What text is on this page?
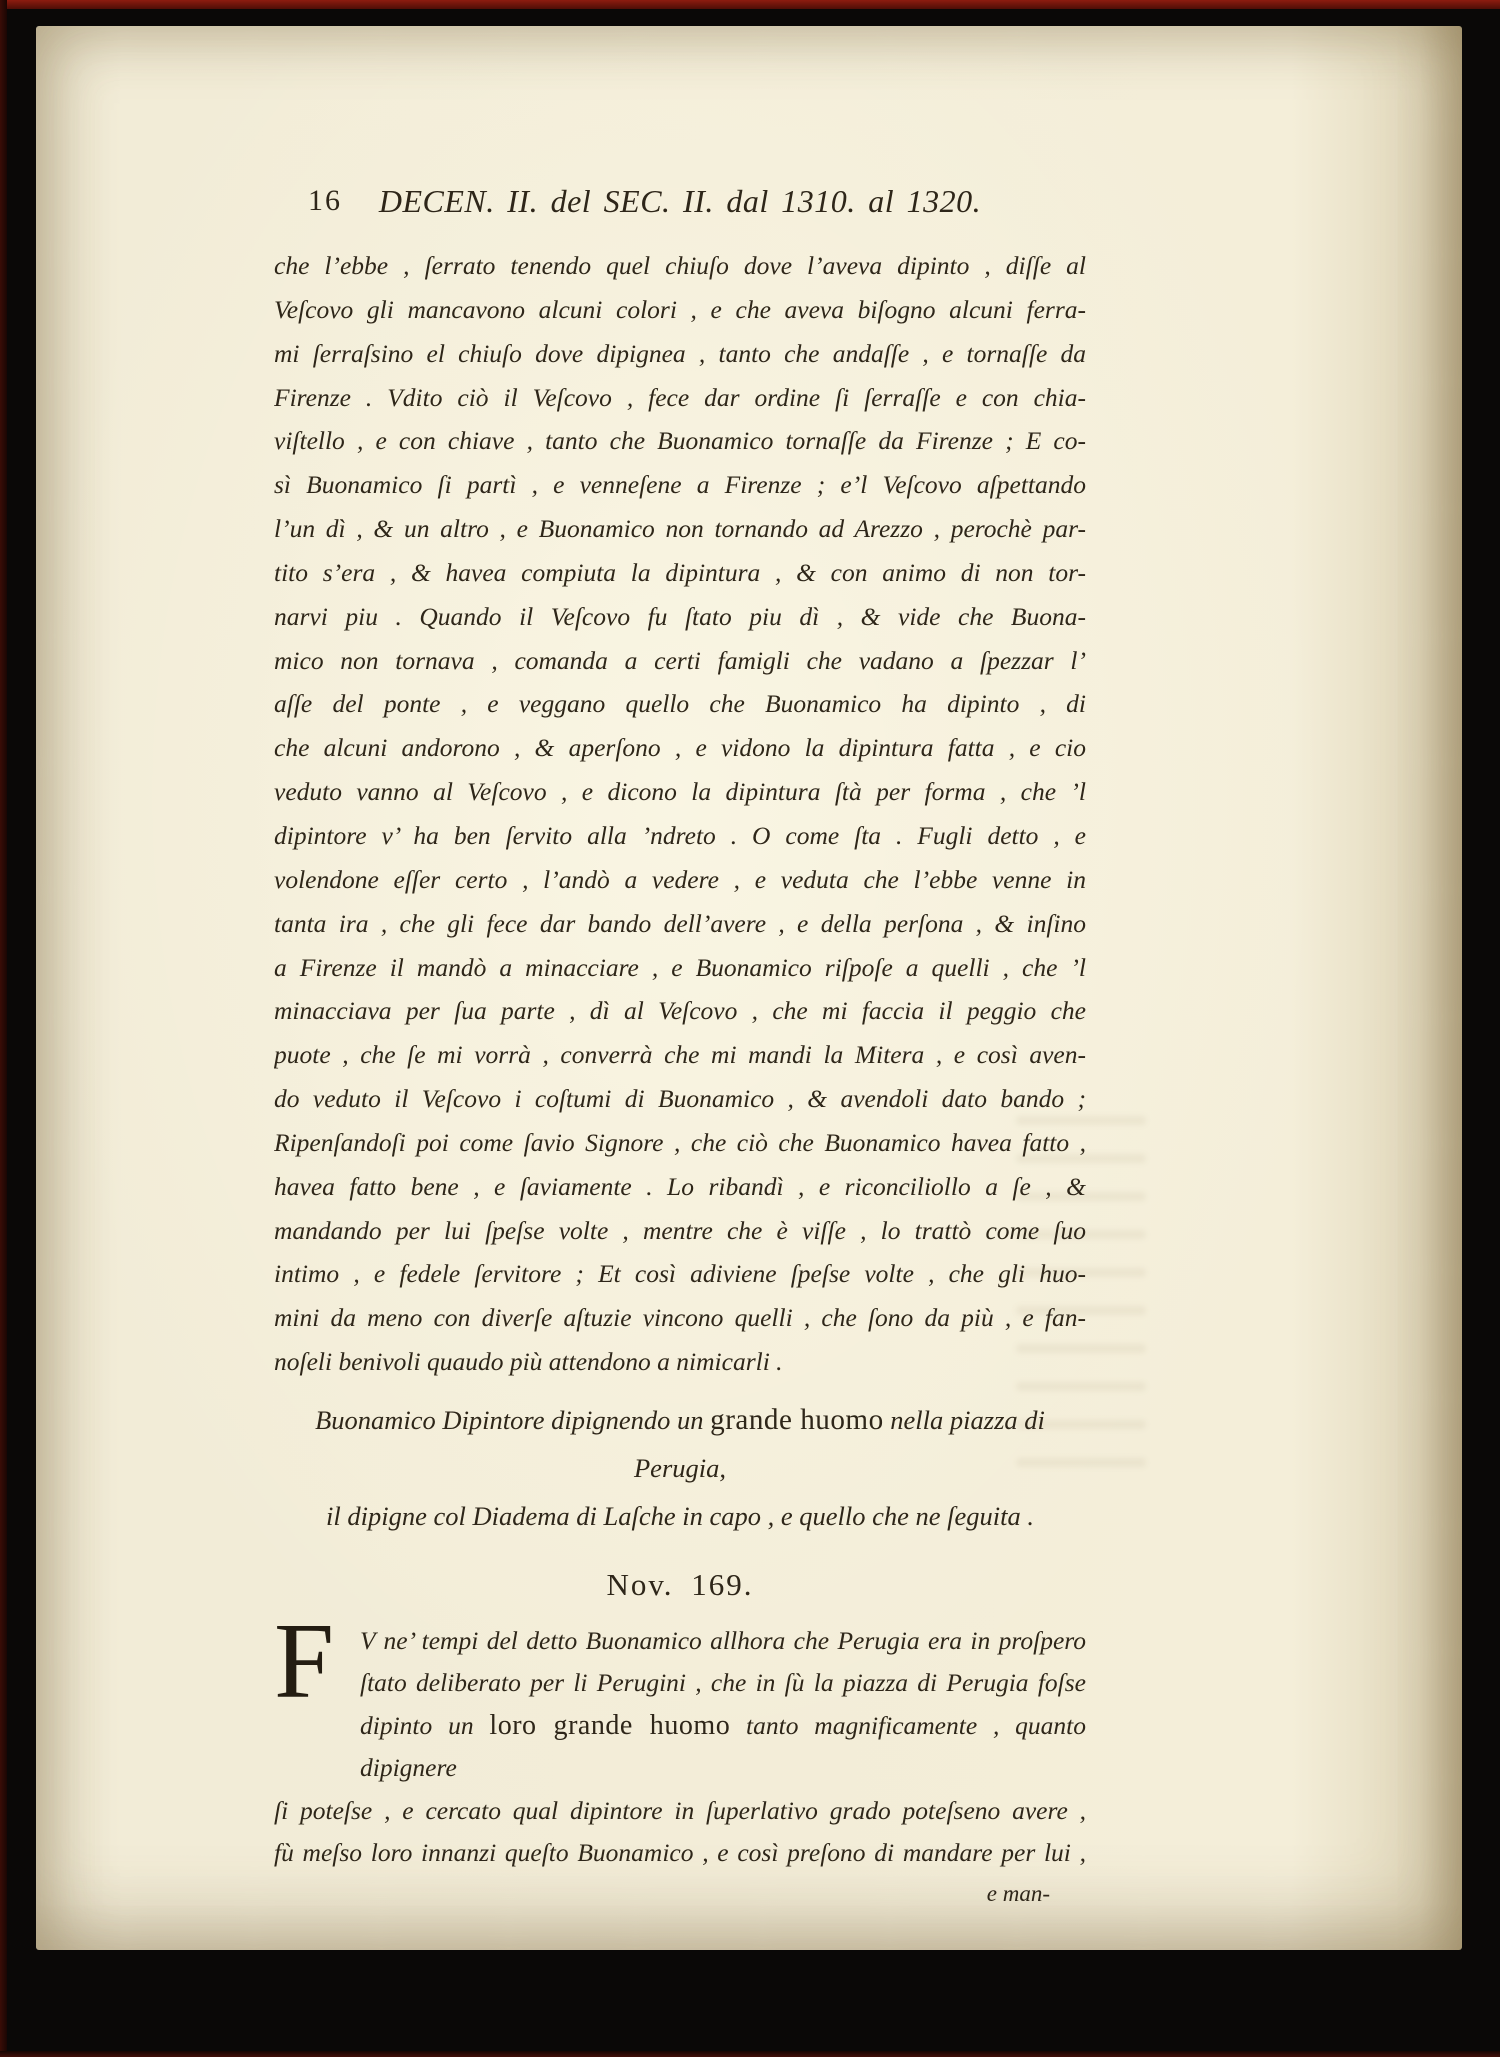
16	DECEN. II. del SEC. II. dal 1310. al 1320.
che l’ebbe , ſerrato tenendo quel chiuſo dove l’aveva dipinto , diſſe al
Veſcovo gli mancavono alcuni colori , e che aveva biſogno alcuni ferra-
mi ſerraſsino el chiuſo dove dipignea , tanto che andaſſe , e tornaſſe da
Firenze . Vdito ciò il Veſcovo , fece dar ordine ſi ſerraſſe e con chia-
viſtello , e con chiave , tanto che Buonamico tornaſſe da Firenze ; E co-
sì Buonamico ſi partì , e venneſene a Firenze ; e’l Veſcovo aſpettando
l’un dì , & un altro , e Buonamico non tornando ad Arezzo , perochè par-
tito s’era , & havea compiuta la dipintura , & con animo di non tor-
narvi piu . Quando il Veſcovo fu ſtato piu dì , & vide che Buona-
mico non tornava , comanda a certi famigli che vadano a ſpezzar l’
aſſe del ponte , e veggano quello che Buonamico ha dipinto , di
che alcuni andorono , & aperſono , e vidono la dipintura fatta , e cio
veduto vanno al Veſcovo , e dicono la dipintura ſtà per forma , che ’l
dipintore v’ ha ben ſervito alla ’ndreto . O come ſta . Fugli detto , e
volendone eſſer certo , l’andò a vedere , e veduta che l’ebbe venne in
tanta ira , che gli fece dar bando dell’avere , e della perſona , & inſino
a Firenze il mandò a minacciare , e Buonamico riſpoſe a quelli , che ’l
minacciava per ſua parte , dì al Veſcovo , che mi faccia il peggio che
puote , che ſe mi vorrà , converrà che mi mandi la Mitera , e così aven-
do veduto il Veſcovo i coſtumi di Buonamico , & avendoli dato bando ;
Ripenſandoſi poi come ſavio Signore , che ciò che Buonamico havea fatto ,
havea fatto bene , e ſaviamente . Lo ribandì , e riconciliollo a ſe , &
mandando per lui ſpeſse volte , mentre che è viſſe , lo trattò come ſuo
intimo , e fedele ſervitore ; Et così adiviene ſpeſse volte , che gli huo-
mini da meno con diverſe aſtuzie vincono quelli , che ſono da più , e fan-
noſeli benivoli quaudo più attendono a nimicarli .
Buonamico Dipintore dipignendo un grande huomo nella piazza di Perugia,
il dipigne col Diadema di Laſche in capo , e quello che ne ſeguita .
Nov. 169.
F	V ne’ tempi del detto Buonamico allhora che Perugia era in proſpero
ſtato deliberato per li Perugini , che in ſù la piazza di Perugia foſse
dipinto un loro grande huomo tanto magnificamente , quanto dipignere
ſi poteſse , e cercato qual dipintore in ſuperlativo grado poteſseno avere ,
fù meſso loro innanzi queſto Buonamico , e così preſono di mandare per lui ,
e man-
